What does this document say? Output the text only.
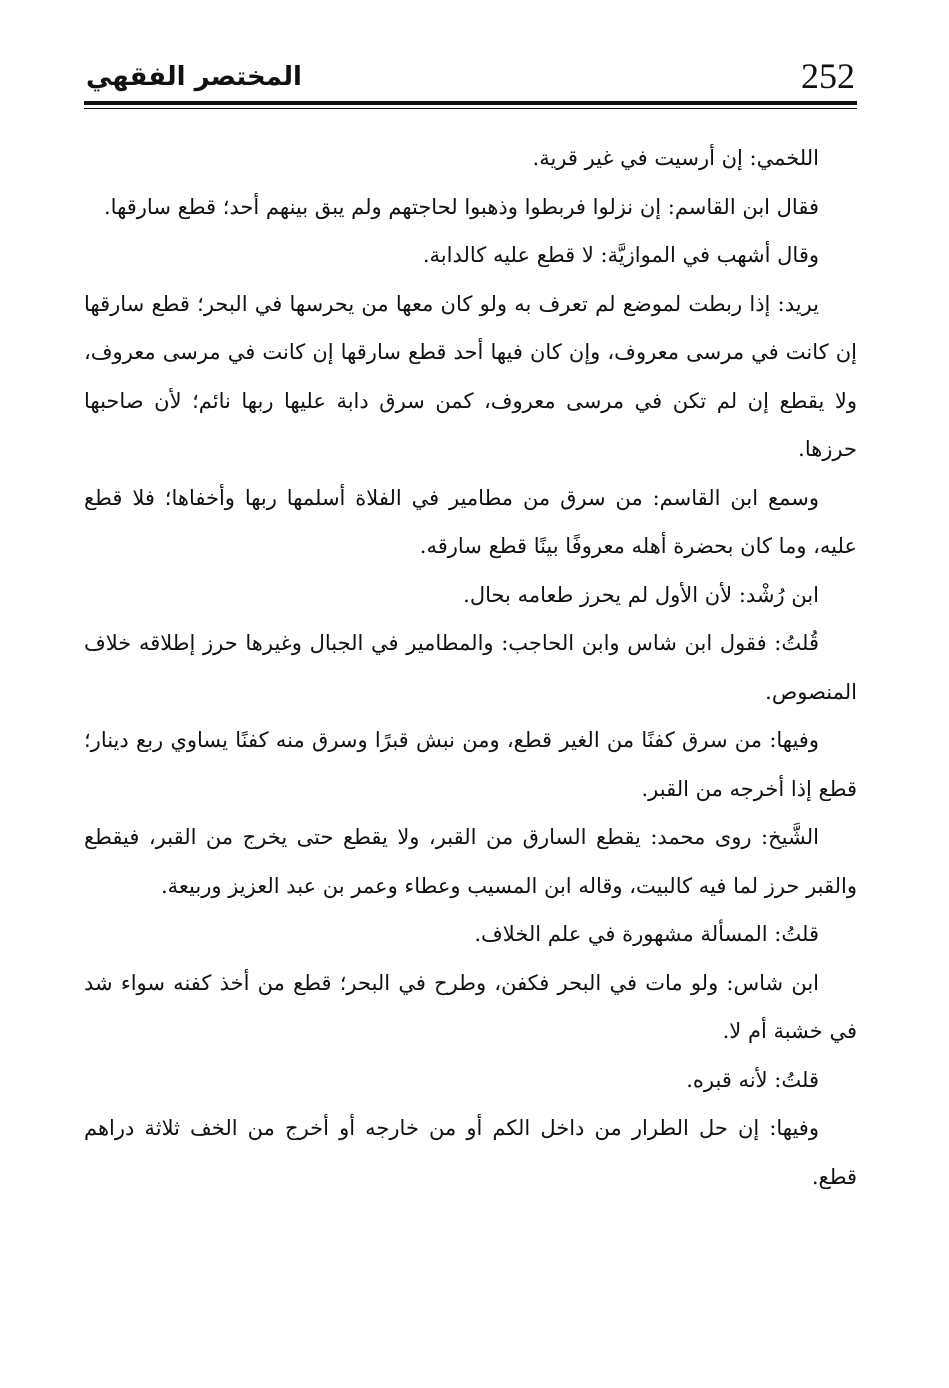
252
المختصر الفقهي

اللخمي: إن أرسيت في غير قرية.

فقال ابن القاسم: إن نزلوا فربطوا وذهبوا لحاجتهم ولم يبق بينهم أحد؛ قطع سارقها.

وقال أشهب في الموازيَّة: لا قطع عليه كالدابة.

يريد: إذا ربطت لموضع لم تعرف به ولو كان معها من يحرسها في البحر؛ قطع سارقها إن كانت في مرسى معروف، وإن كان فيها أحد قطع سارقها إن كانت في مرسى معروف، ولا يقطع إن لم تكن في مرسى معروف، كمن سرق دابة عليها ربها نائم؛ لأن صاحبها حرزها.

وسمع ابن القاسم: من سرق من مطامير في الفلاة أسلمها ربها وأخفاها؛ فلا قطع عليه، وما كان بحضرة أهله معروفًا بينًا قطع سارقه.

ابن رُشْد: لأن الأول لم يحرز طعامه بحال.

قُلتُ: فقول ابن شاس وابن الحاجب: والمطامير في الجبال وغيرها حرز إطلاقه خلاف المنصوص.

وفيها: من سرق كفنًا من الغير قطع، ومن نبش قبرًا وسرق منه كفنًا يساوي ربع دينار؛ قطع إذا أخرجه من القبر.

الشَّيخ: روى محمد: يقطع السارق من القبر، ولا يقطع حتى يخرج من القبر، فيقطع والقبر حرز لما فيه كالبيت، وقاله ابن المسيب وعطاء وعمر بن عبد العزيز وربيعة.

قلتُ: المسألة مشهورة في علم الخلاف.

ابن شاس: ولو مات في البحر فكفن، وطرح في البحر؛ قطع من أخذ كفنه سواء شد في خشبة أم لا.

قلتُ: لأنه قبره.

وفيها: إن حل الطرار من داخل الكم أو من خارجه أو أخرج من الخف ثلاثة دراهم قطع.
